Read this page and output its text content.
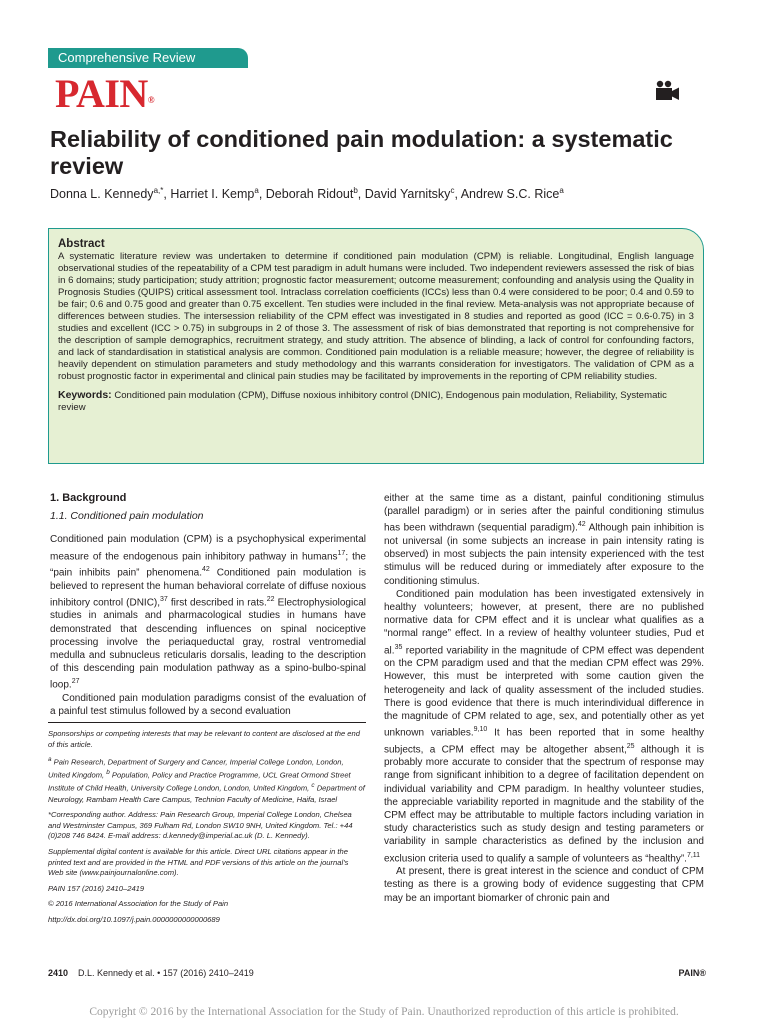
Comprehensive Review
PAIN®
Reliability of conditioned pain modulation: a systematic review
Donna L. Kennedy$^{a,*}$, Harriet I. Kemp$^a$, Deborah Ridout$^b$, David Yarnitsky$^c$, Andrew S.C. Rice$^a$
Abstract
A systematic literature review was undertaken to determine if conditioned pain modulation (CPM) is reliable. Longitudinal, English language observational studies of the repeatability of a CPM test paradigm in adult humans were included. Two independent reviewers assessed the risk of bias in 6 domains; study participation; study attrition; prognostic factor measurement; outcome measurement; confounding and analysis using the Quality in Prognosis Studies (QUIPS) critical assessment tool. Intraclass correlation coefficients (ICCs) less than 0.4 were considered to be poor; 0.4 and 0.59 to be fair; 0.6 and 0.75 good and greater than 0.75 excellent. Ten studies were included in the final review. Meta-analysis was not appropriate because of differences between studies. The intersession reliability of the CPM effect was investigated in 8 studies and reported as good (ICC = 0.6-0.75) in 3 studies and excellent (ICC > 0.75) in subgroups in 2 of those 3. The assessment of risk of bias demonstrated that reporting is not comprehensive for the description of sample demographics, recruitment strategy, and study attrition. The absence of blinding, a lack of control for confounding factors, and lack of standardisation in statistical analysis are common. Conditioned pain modulation is a reliable measure; however, the degree of reliability is heavily dependent on stimulation parameters and study methodology and this warrants consideration for investigators. The validation of CPM as a robust prognostic factor in experimental and clinical pain studies may be facilitated by improvements in the reporting of CPM reliability studies.
Keywords: Conditioned pain modulation (CPM), Diffuse noxious inhibitory control (DNIC), Endogenous pain modulation, Reliability, Systematic review
1. Background
1.1. Conditioned pain modulation

Conditioned pain modulation (CPM) is a psychophysical experimental measure of the endogenous pain inhibitory pathway in humans$^{17}$; the “pain inhibits pain” phenomena.$^{42}$ Conditioned pain modulation is believed to represent the human behavioral correlate of diffuse noxious inhibitory control (DNIC),$^{37}$ first described in rats.$^{22}$ Electrophysiological studies in animals and pharmacological studies in humans have demonstrated that descending influences on spinal nociceptive processing involve the periaqueductal gray, rostral ventromedial medulla and subnucleus reticularis dorsalis, leading to the description of this descending pain modulation pathway as a spino-bulbo-spinal loop.$^{27}$

Conditioned pain modulation paradigms consist of the evaluation of a painful test stimulus followed by a second evaluation

Sponsorships or competing interests that may be relevant to content are disclosed at the end of this article.

$^a$ Pain Research, Department of Surgery and Cancer, Imperial College London, London, United Kingdom, $^b$ Population, Policy and Practice Programme, UCL Great Ormond Street Institute of Child Health, University College London, London, United Kingdom, $^c$ Department of Neurology, Rambam Health Care Campus, Technion Faculty of Medicine, Haifa, Israel

*Corresponding author. Address: Pain Research Group, Imperial College London, Chelsea and Westminster Campus, 369 Fulham Rd, London SW10 9NH, United Kingdom. Tel.: +44 (0)208 746 8424. E-mail address: d.kennedy@imperial.ac.uk (D. L. Kennedy).

Supplemental digital content is available for this article. Direct URL citations appear in the printed text and are provided in the HTML and PDF versions of this article on the journal's Web site (www.painjournalonline.com).

PAIN 157 (2016) 2410–2419

© 2016 International Association for the Study of Pain

http://dx.doi.org/10.1097/j.pain.0000000000000689

either at the same time as a distant, painful conditioning stimulus (parallel paradigm) or in series after the painful conditioning stimulus has been withdrawn (sequential paradigm).$^{42}$ Although pain inhibition is not universal (in some subjects an increase in pain intensity rating is observed) in most subjects the pain intensity experienced with the test stimulus will be reduced during or immediately after exposure to the conditioning stimulus.

Conditioned pain modulation has been investigated extensively in healthy volunteers; however, at present, there are no published normative data for CPM effect and it is unclear what qualifies as a “normal range” effect. In a review of healthy volunteer studies, Pud et al.$^{35}$ reported variability in the magnitude of CPM effect was dependent on the CPM paradigm used and that the median CPM effect was 29%. However, this must be interpreted with some caution given the heterogeneity and lack of quality assessment of the included studies. There is good evidence that there is much interindividual difference in the magnitude of CPM related to age, sex, and potentially other as yet unknown variables.$^{9,10}$ It has been reported that in some healthy subjects, a CPM effect may be altogether absent,$^{25}$ although it is probably more accurate to consider that the spectrum of response may range from significant inhibition to a degree of facilitation dependent on individual variability and CPM paradigm. In healthy volunteer studies, the appreciable variability reported in magnitude and the stability of the CPM effect may be attributable to multiple factors including variation in study characteristics such as study design and testing parameters or variability in sample characteristics as defined by the inclusion and exclusion criteria used to qualify a sample of volunteers as “healthy”.$^{7,11}$

At present, there is great interest in the science and conduct of CPM testing as there is a growing body of evidence suggesting that CPM may be an important biomarker of chronic pain and

2410 D.L. Kennedy et al. • 157 (2016) 2410–2419	PAIN®
Copyright © 2016 by the International Association for the Study of Pain. Unauthorized reproduction of this article is prohibited.
